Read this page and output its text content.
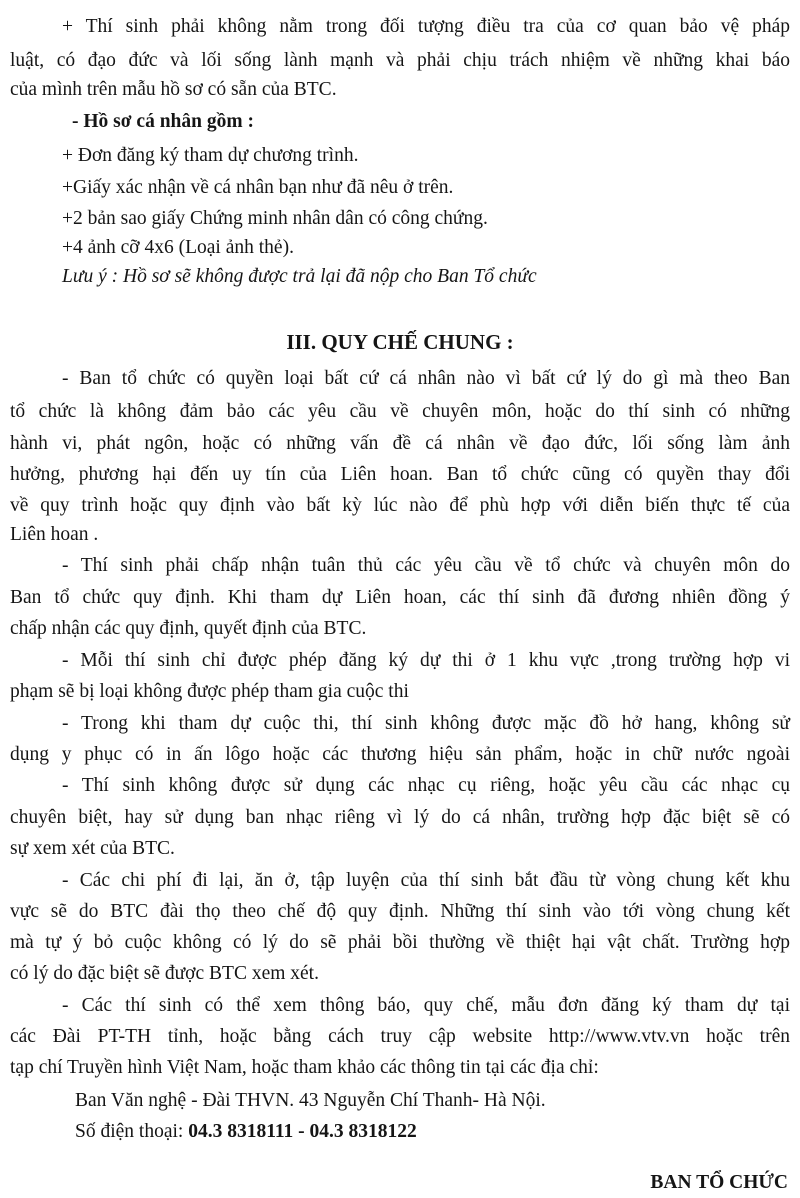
+ Thí sinh phải không nằm trong đối tượng điều tra của cơ quan bảo vệ pháp
luật, có đạo đức và lối sống lành mạnh và phải chịu trách nhiệm về những khai báo
của mình trên mẫu hồ sơ có sẵn của BTC.
- Hồ sơ cá nhân gồm :
+ Đơn đăng ký tham dự chương trình.
+Giấy xác nhận về cá nhân bạn như đã nêu ở trên.
+2 bản sao giấy Chứng minh nhân dân có công chứng.
+4 ảnh cỡ 4x6 (Loại ảnh thẻ).
Lưu ý : Hồ sơ sẽ không được trả lại đã nộp cho Ban Tổ chức
III. QUY CHẾ CHUNG :
- Ban tổ chức có quyền loại bất cứ cá nhân nào vì bất cứ lý do gì mà theo Ban
tổ chức là không đảm bảo các yêu cầu về chuyên môn, hoặc do thí sinh có những
hành vi, phát ngôn, hoặc có những vấn đề cá nhân về đạo đức, lối sống làm ảnh
hưởng, phương hại đến uy tín của Liên hoan. Ban tổ chức cũng có quyền thay đổi
về quy trình hoặc quy định vào bất kỳ lúc nào để phù hợp với diễn biến thực tế của
Liên hoan .
- Thí sinh phải chấp nhận tuân thủ các yêu cầu về tổ chức và chuyên môn do
Ban tổ chức quy định. Khi tham dự Liên hoan, các thí sinh đã đương nhiên đồng ý
chấp nhận các quy định, quyết định của BTC.
- Mỗi thí sinh chỉ được phép đăng ký dự thi ở 1 khu vực ,trong trường hợp vi
phạm sẽ bị loại không được phép tham gia cuộc thi
- Trong khi tham dự cuộc thi, thí sinh không được mặc đồ hở hang, không sử
dụng y phục có in ấn lôgo hoặc các thương hiệu sản phẩm, hoặc in chữ nước ngoài
- Thí sinh không được sử dụng các nhạc cụ riêng, hoặc yêu cầu các nhạc cụ
chuyên biệt, hay sử dụng ban nhạc riêng vì lý do cá nhân, trường hợp đặc biệt sẽ có
sự xem xét của BTC.
- Các chi phí đi lại, ăn ở, tập luyện của thí sinh bắt đầu từ vòng chung kết khu
vực sẽ do BTC đài thọ theo chế độ quy định. Những thí sinh vào tới vòng chung kết
mà tự ý bỏ cuộc không có lý do sẽ phải bồi thường về thiệt hại vật chất. Trường hợp
có lý do đặc biệt sẽ được BTC xem xét.
- Các thí sinh có thể xem thông báo, quy chế, mẫu đơn đăng ký tham dự tại
các Đài PT-TH tỉnh, hoặc bằng cách truy cập website http://www.vtv.vn hoặc trên
tạp chí Truyền hình Việt Nam, hoặc tham khảo các thông tin tại các địa chỉ:
Ban Văn nghệ - Đài THVN. 43 Nguyễn Chí Thanh- Hà Nội.
Số điện thoại: 04.3 8318111 - 04.3 8318122
BAN TỔ CHỨC
